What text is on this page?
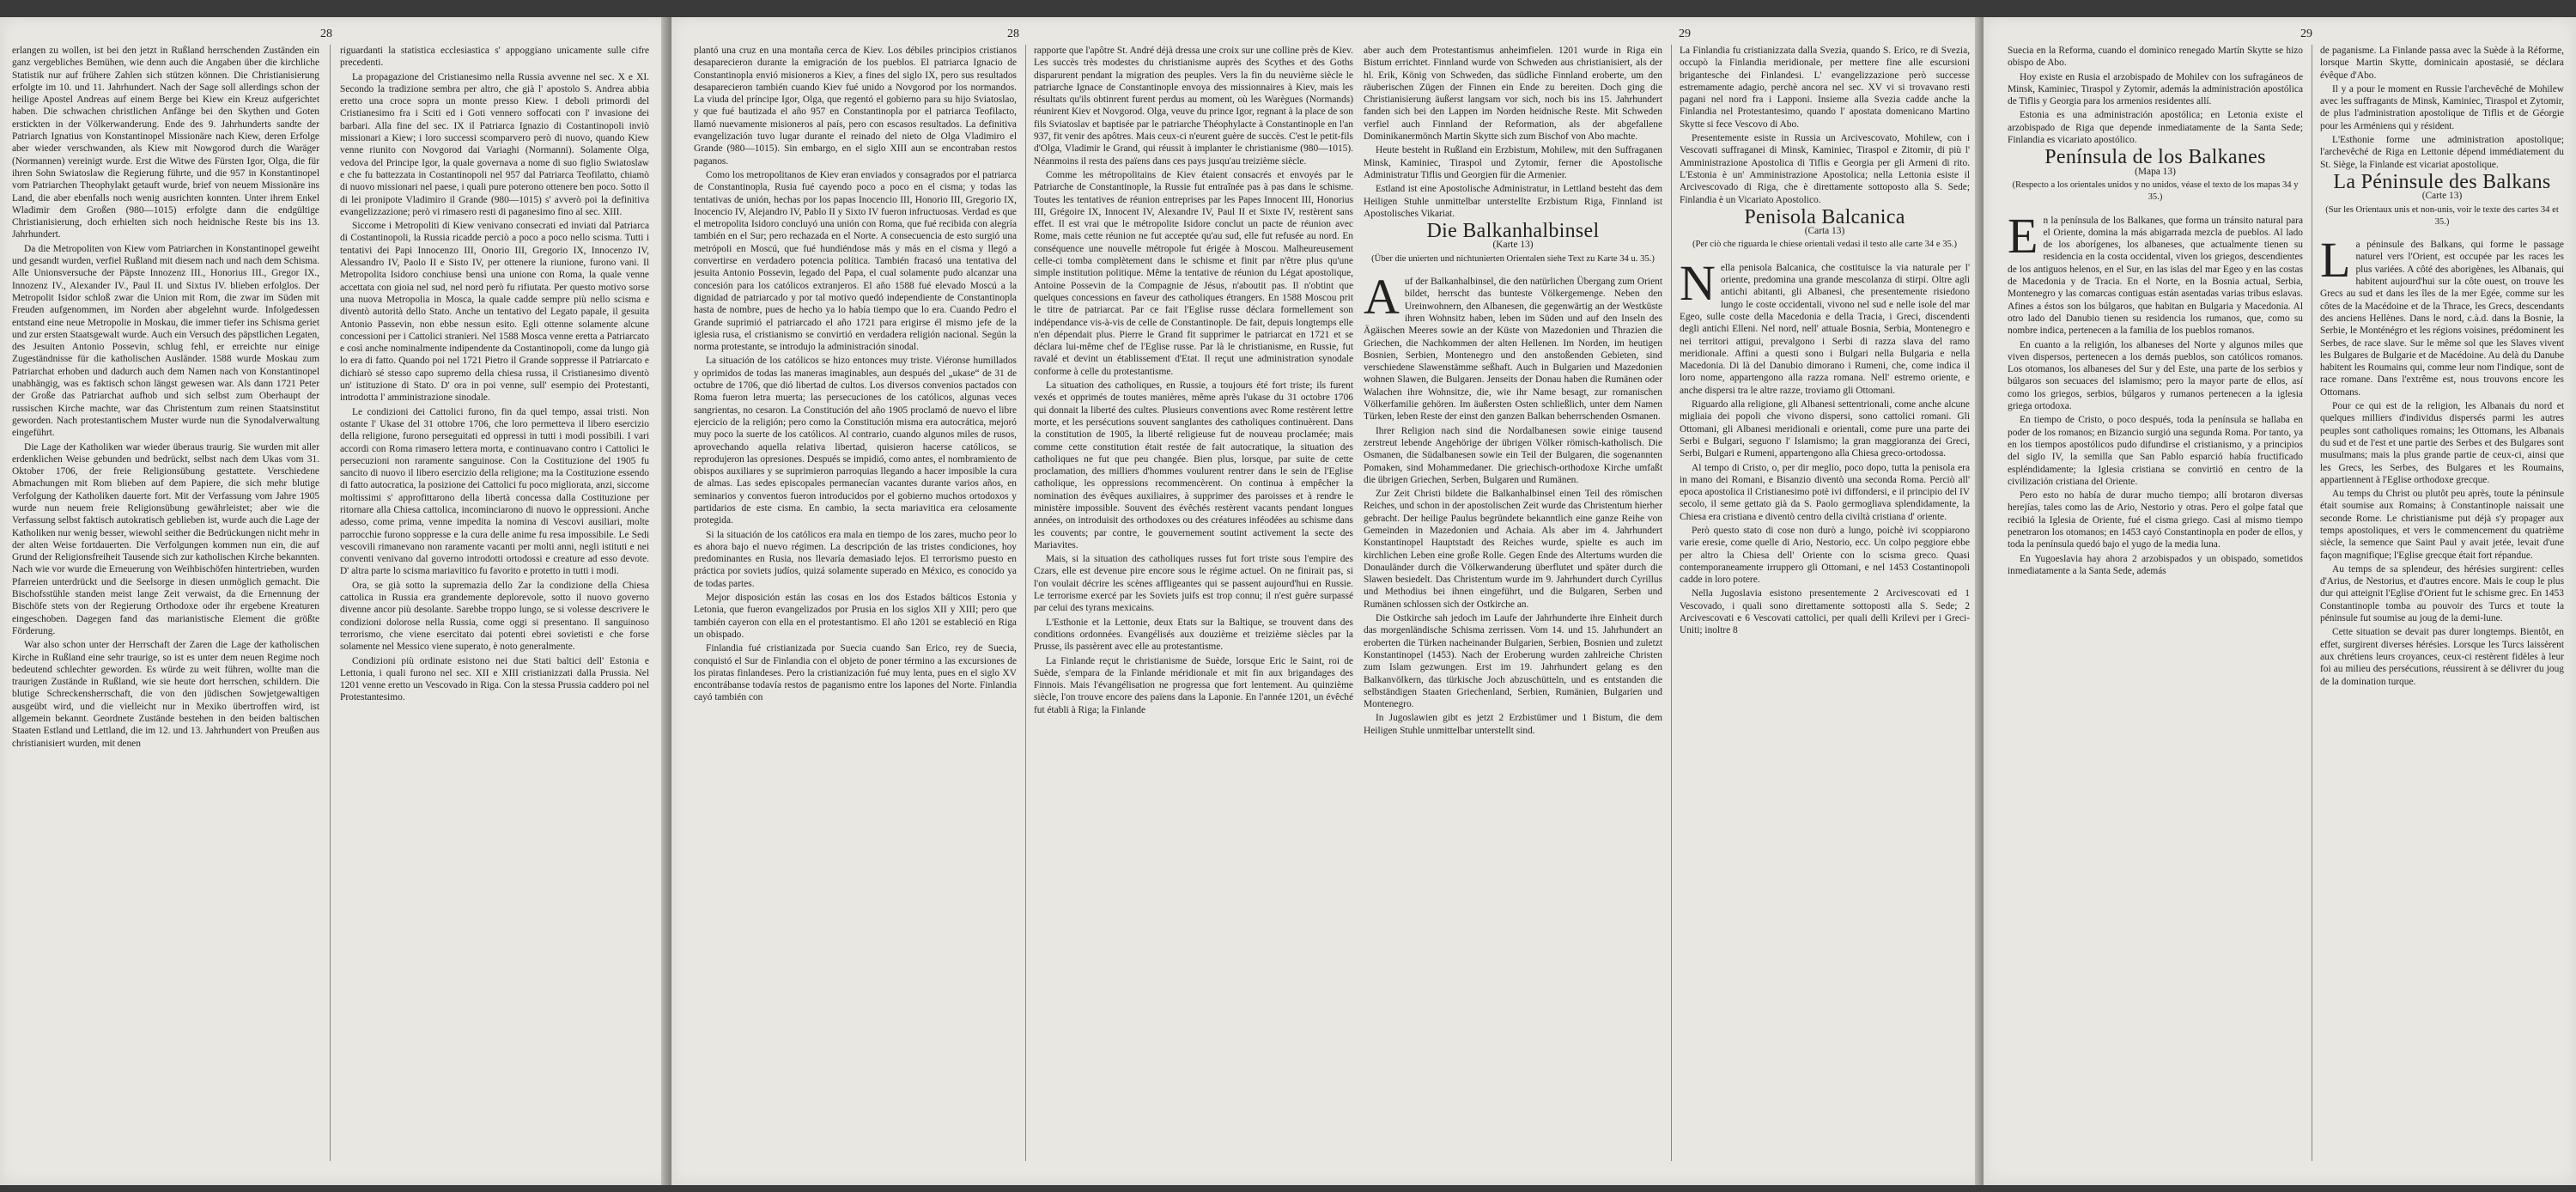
28	28	29	29

erlangen zu wollen, ist bei den jetzt in Rußland herrschenden Zuständen ein ganz vergebliches Bemühen, wie denn auch die Angaben über die kirchliche Statistik nur auf frühere Zahlen sich stützen können. Die Christianisierung erfolgte im 10. und 11. Jahrhundert. Nach der Sage soll allerdings schon der heilige Apostel Andreas auf einem Berge bei Kiew ein Kreuz aufgerichtet haben. Die schwachen christlichen Anfänge bei den Skythen und Goten erstickten in der Völkerwanderung. Ende des 9. Jahrhunderts sandte der Patriarch Ignatius von Konstantinopel Missionäre nach Kiew, deren Erfolge aber wieder verschwanden, als Kiew mit Nowgorod durch die Waräger (Normannen) vereinigt wurde. Erst die Witwe des Fürsten Igor, Olga, die für ihren Sohn Swiatoslaw die Regierung führte, und die 957 in Konstantinopel vom Patriarchen Theophylakt getauft wurde, brief von neuem Missionäre ins Land, die aber ebenfalls noch wenig ausrichten konnten. Unter ihrem Enkel Wladimir dem Großen (980—1015) erfolgte dann die endgültige Christianisierung, doch erhielten sich noch heidnische Reste bis ins 13. Jahrhundert.

Da die Metropoliten von Kiew vom Patriarchen in Konstantinopel geweiht und gesandt wurden, verfiel Rußland mit diesem nach und nach dem Schisma. Alle Unionsversuche der Päpste Innozenz III., Honorius III., Gregor IX., Innozenz IV., Alexander IV., Paul II. und Sixtus IV. blieben erfolglos. Der Metropolit Isidor schloß zwar die Union mit Rom, die zwar im Süden mit Freuden aufgenommen, im Norden aber abgelehnt wurde. Infolgedessen entstand eine neue Metropolie in Moskau, die immer tiefer ins Schisma geriet und zur ersten Staatsgewalt wurde. Auch ein Versuch des päpstlichen Legaten, des Jesuiten Antonio Possevin, schlug fehl, er erreichte nur einige Zugeständnisse für die katholischen Ausländer. 1588 wurde Moskau zum Patriarchat erhoben und dadurch auch dem Namen nach von Konstantinopel unabhängig, was es faktisch schon längst gewesen war. Als dann 1721 Peter der Große das Patriarchat aufhob und sich selbst zum Oberhaupt der russischen Kirche machte, war das Christentum zum reinen Staatsinstitut geworden. Nach protestantischem Muster wurde nun die Synodalverwaltung eingeführt.

Die Lage der Katholiken war wieder überaus traurig. Sie wurden mit aller erdenklichen Weise gebunden und bedrückt, selbst nach dem Ukas vom 31. Oktober 1706, der freie Religionsübung gestattete. Verschiedene Abmachungen mit Rom blieben auf dem Papiere, die sich mehr blutige Verfolgung der Katholiken dauerte fort. Mit der Verfassung vom Jahre 1905 wurde nun neuem freie Religionsübung gewährleistet; aber wie die Verfassung selbst faktisch autokratisch geblieben ist, wurde auch die Lage der Katholiken nur wenig besser, wiewohl seither die Bedrückungen nicht mehr in der alten Weise fortdauerten. Die Verfolgungen kommen nun ein, die auf Grund der Religionsfreiheit Tausende sich zur katholischen Kirche bekannten. Nach wie vor wurde die Erneuerung von Weihbischöfen hintertrieben, wurden Pfarreien unterdrückt und die Seelsorge in diesen unmöglich gemacht. Die Bischofsstühle standen meist lange Zeit verwaist, da die Ernennung der Bischöfe stets von der Regierung Orthodoxe oder ihr ergebene Kreaturen eingeschoben. Dagegen fand das marianistische Element die größte Förderung.

War also schon unter der Herrschaft der Zaren die Lage der katholischen Kirche in Rußland eine sehr traurige, so ist es unter dem neuen Regime noch bedeutend schlechter geworden. Es würde zu weit führen, wollte man die traurigen Zustände in Rußland, wie sie heute dort herrschen, schildern. Die blutige Schreckensherrschaft, die von den jüdischen Sowjetgewaltigen ausgeübt wird, und die vielleicht nur in Mexiko übertroffen wird, ist allgemein bekannt. Geordnete Zustände bestehen in den beiden baltischen Staaten Estland und Lettland, die im 12. und 13. Jahrhundert von Preußen aus christianisiert wurden, mit denen

riguardanti la statistica ecclesiastica s' appoggiano unicamente sulle cifre precedenti.

La propagazione del Cristianesimo nella Russia avvenne nel sec. X e XI. Secondo la tradizione sembra per altro, che già l' apostolo S. Andrea abbia eretto una croce sopra un monte presso Kiew. I deboli primordi del Cristianesimo fra i Sciti ed i Goti vennero soffocati con l' invasione dei barbari. Alla fine del sec. IX il Patriarca Ignazio di Costantinopoli inviò missionari a Kiew; i loro successi scomparvero però di nuovo, quando Kiew venne riunito con Novgorod dai Variaghi (Normanni). Solamente Olga, vedova del Principe Igor, la quale governava a nome di suo figlio Swiatoslaw e che fu battezzata in Costantinopoli nel 957 dal Patriarca Teofilatto, chiamò di nuovo missionari nel paese, i quali pure poterono ottenere ben poco. Sotto il di lei pronipote Vladimiro il Grande (980—1015) s' avverò poi la definitiva evangelizzazione; però vi rimasero resti di paganesimo fino al sec. XIII.

Siccome i Metropoliti di Kiew venivano consecrati ed inviati dal Patriarca di Costantinopoli, la Russia ricadde perciò a poco a poco nello scisma. Tutti i tentativi dei Papi Innocenzo III, Onorio III, Gregorio IX, Innocenzo IV, Alessandro IV, Paolo II e Sisto IV, per ottenere la riunione, furono vani. Il Metropolita Isidoro conchiuse bensì una unione con Roma, la quale venne accettata con gioia nel sud, nel nord però fu rifiutata. Per questo motivo sorse una nuova Metropolia in Mosca, la quale cadde sempre più nello scisma e diventò autorità dello Stato. Anche un tentativo del Legato papale, il gesuita Antonio Passevin, non ebbe nessun esito. Egli ottenne solamente alcune concessioni per i Cattolici stranieri. Nel 1588 Mosca venne eretta a Patriarcato e così anche nominalmente indipendente da Costantinopoli, come da lungo già lo era di fatto. Quando poi nel 1721 Pietro il Grande soppresse il Patriarcato e dichiarò sé stesso capo supremo della chiesa russa, il Cristianesimo diventò un' istituzione di Stato. D' ora in poi venne, sull' esempio dei Protestanti, introdotta l' amministrazione sinodale.

Le condizioni dei Cattolici furono, fin da quel tempo, assai tristi. Non ostante l' Ukase del 31 ottobre 1706, che loro permetteva il libero esercizio della religione, furono perseguitati ed oppressi in tutti i modi possibili. I vari accordi con Roma rimasero lettera morta, e continuavano contro i Cattolici le persecuzioni non raramente sanguinose. Con la Costituzione del 1905 fu sancito di nuovo il libero esercizio della religione; ma la Costituzione essendo di fatto autocratica, la posizione dei Cattolici fu poco migliorata, anzi, siccome moltissimi s' approfittarono della libertà concessa dalla Costituzione per ritornare alla Chiesa cattolica, incominciarono di nuovo le oppressioni. Anche adesso, come prima, venne impedita la nomina di Vescovi ausiliari, molte parrocchie furono soppresse e la cura delle anime fu resa impossibile. Le Sedi vescovili rimanevano non raramente vacanti per molti anni, negli istituti e nei conventi venivano dal governo introdotti ortodossi e creature ad esso devote. D' altra parte lo scisma mariavitico fu favorito e protetto in tutti i modi.

Ora, se già sotto la supremazia dello Zar la condizione della Chiesa cattolica in Russia era grandemente deplorevole, sotto il nuovo governo divenne ancor più desolante. Sarebbe troppo lungo, se si volesse descrivere le condizioni dolorose nella Russia, come oggi si presentano. Il sanguinoso terrorismo, che viene esercitato dai potenti ebrei sovietisti e che forse solamente nel Messico viene superato, è noto generalmente.

Condizioni più ordinate esistono nei due Stati baltici dell' Estonia e Lettonia, i quali furono nel sec. XII e XIII cristianizzati dalla Prussia. Nel 1201 venne eretto un Vescovado in Riga. Con la stessa Prussia caddero poi nel Protestantesimo.

plantó una cruz en una montaña cerca de Kiev. Los débiles principios cristianos desaparecieron durante la emigración de los pueblos. El patriarca Ignacio de Constantinopla envió misioneros a Kiev, a fines del siglo IX, pero sus resultados desaparecieron también cuando Kiev fué unido a Novgorod por los normandos. La viuda del príncipe Igor, Olga, que regentó el gobierno para su hijo Sviatoslao, y que fué bautizada el año 957 en Constantinopla por el patriarca Teofilacto, llamó nuevamente misioneros al país, pero con escasos resultados. La definitiva evangelización tuvo lugar durante el reinado del nieto de Olga Vladimiro el Grande (980—1015). Sin embargo, en el siglo XIII aun se encontraban restos paganos.

Como los metropolitanos de Kiev eran enviados y consagrados por el patriarca de Constantinopla, Rusia fué cayendo poco a poco en el cisma; y todas las tentativas de unión, hechas por los papas Inocencio III, Honorio III, Gregorio IX, Inocencio IV, Alejandro IV, Pablo II y Sixto IV fueron infructuosas. Verdad es que el metropolita Isidoro concluyó una unión con Roma, que fué recibida con alegría también en el Sur; pero rechazada en el Norte. A consecuencia de esto surgió una metrópoli en Moscú, que fué hundiéndose más y más en el cisma y llegó a convertirse en verdadero potencia política. También fracasó una tentativa del jesuita Antonio Possevin, legado del Papa, el cual solamente pudo alcanzar una concesión para los católicos extranjeros. El año 1588 fué elevado Moscú a la dignidad de patriarcado y por tal motivo quedó independiente de Constantinopla hasta de nombre, pues de hecho ya lo había tiempo que lo era. Cuando Pedro el Grande suprimió el patriarcado el año 1721 para erigirse él mismo jefe de la iglesia rusa, el cristianismo se convirtió en verdadera religión nacional. Según la norma protestante, se introdujo la administración sinodal.

La situación de los católicos se hizo entonces muy triste. Viéronse humillados y oprimidos de todas las maneras imaginables, aun después del „ukase“ de 31 de octubre de 1706, que dió libertad de cultos. Los diversos convenios pactados con Roma fueron letra muerta; las persecuciones de los católicos, algunas veces sangrientas, no cesaron. La Constitución del año 1905 proclamó de nuevo el libre ejercicio de la religión; pero como la Constitución misma era autocrática, mejoró muy poco la suerte de los católicos. Al contrario, cuando algunos miles de rusos, aprovechando aquella relativa libertad, quisieron hacerse católicos, se reprodujeron las opresiones. Después se impidió, como antes, el nombramiento de obispos auxiliares y se suprimieron parroquias llegando a hacer imposible la cura de almas. Las sedes episcopales permanecían vacantes durante varios años, en seminarios y conventos fueron introducidos por el gobierno muchos ortodoxos y partidarios de este cisma. En cambio, la secta mariavitica era celosamente protegida.

Si la situación de los católicos era mala en tiempo de los zares, mucho peor lo es ahora bajo el nuevo régimen. La descripción de las tristes condiciones, hoy predominantes en Rusia, nos llevaría demasiado lejos. El terrorismo puesto en práctica por soviets judíos, quizá solamente superado en México, es conocido ya de todas partes.

Mejor disposición están las cosas en los dos Estados bálticos Estonia y Letonia, que fueron evangelizados por Prusia en los siglos XII y XIII; pero que también cayeron con ella en el protestantismo. El año 1201 se estableció en Riga un obispado.

Finlandia fué cristianizada por Suecia cuando San Erico, rey de Suecia, conquistó el Sur de Finlandia con el objeto de poner término a las excursiones de los piratas finlandeses. Pero la cristianización fué muy lenta, pues en el siglo XV encontrábanse todavía restos de paganismo entre los lapones del Norte. Finlandia cayó también con

rapporte que l'apôtre St. André déjà dressa une croix sur une colline près de Kiev. Les succès très modestes du christianisme auprès des Scythes et des Goths disparurent pendant la migration des peuples. Vers la fin du neuvième siècle le patriarche Ignace de Constantinople envoya des missionnaires à Kiev, mais les résultats qu'ils obtinrent furent perdus au moment, où les Warègues (Normands) réunirent Kiev et Novgorod. Olga, veuve du prince Igor, regnant à la place de son fils Sviatoslav et baptisée par le patriarche Théophylacte à Constantinople en l'an 937, fit venir des apôtres. Mais ceux-ci n'eurent guère de succès. C'est le petit-fils d'Olga, Vladimir le Grand, qui réussit à implanter le christianisme (980—1015). Néanmoins il resta des païens dans ces pays jusqu'au treizième siècle.

Comme les métropolitains de Kiev étaient consacrés et envoyés par le Patriarche de Constantinople, la Russie fut entraînée pas à pas dans le schisme. Toutes les tentatives de réunion entreprises par les Papes Innocent III, Honorius III, Grégoire IX, Innocent IV, Alexandre IV, Paul II et Sixte IV, restèrent sans effet. Il est vrai que le métropolite Isidore conclut un pacte de réunion avec Rome, mais cette réunion ne fut acceptée qu'au sud, elle fut refusée au nord. En conséquence une nouvelle métropole fut érigée à Moscou. Malheureusement celle-ci tomba complètement dans le schisme et finit par n'être plus qu'une simple institution politique. Même la tentative de réunion du Légat apostolique, Antoine Possevin de la Compagnie de Jésus, n'aboutit pas. Il n'obtint que quelques concessions en faveur des catholiques étrangers. En 1588 Moscou prit le titre de patriarcat. Par ce fait l'Eglise russe déclara formellement son indépendance vis-à-vis de celle de Constantinople. De fait, depuis longtemps elle n'en dépendait plus. Pierre le Grand fit supprimer le patriarcat en 1721 et se déclara lui-même chef de l'Eglise russe. Par là le christianisme, en Russie, fut ravalé et devint un établissement d'Etat. Il reçut une administration synodale conforme à celle du protestantisme.

La situation des catholiques, en Russie, a toujours été fort triste; ils furent vexés et opprimés de toutes manières, même après l'ukase du 31 octobre 1706 qui donnait la liberté des cultes. Plusieurs conventions avec Rome restèrent lettre morte, et les persécutions souvent sanglantes des catholiques continuèrent. Dans la constitution de 1905, la liberté religieuse fut de nouveau proclamée; mais comme cette constitution était restée de fait autocratique, la situation des catholiques ne fut que peu changée. Bien plus, lorsque, par suite de cette proclamation, des milliers d'hommes voulurent rentrer dans le sein de l'Eglise catholique, les oppressions recommencèrent. On continua à empêcher la nomination des évêques auxiliaires, à supprimer des paroisses et à rendre le ministère impossible. Souvent des évêchés restèrent vacants pendant longues années, on introduisit des orthodoxes ou des créatures inféodées au schisme dans les couvents; par contre, le gouvernement soutint activement la secte des Mariavites.

Mais, si la situation des catholiques russes fut fort triste sous l'empire des Czars, elle est devenue pire encore sous le régime actuel. On ne finirait pas, si l'on voulait décrire les scènes affligeantes qui se passent aujourd'hui en Russie. Le terrorisme exercé par les Soviets juifs est trop connu; il n'est guère surpassé par celui des tyrans mexicains.

L'Esthonie et la Lettonie, deux Etats sur la Baltique, se trouvent dans des conditions ordonnées. Evangélisés aux douzième et treizième siècles par la Prusse, ils passèrent avec elle au protestantisme.

La Finlande reçut le christianisme de Suède, lorsque Eric le Saint, roi de Suède, s'empara de la Finlande méridionale et mit fin aux brigandages des Finnois. Mais l'évangélisation ne progressa que fort lentement. Au quinzième siècle, l'on trouve encore des païens dans la Laponie. En l'année 1201, un évêché fut établi à Riga; la Finlande

aber auch dem Protestantismus anheimfielen. 1201 wurde in Riga ein Bistum errichtet. Finnland wurde von Schweden aus christianisiert, als der hl. Erik, König von Schweden, das südliche Finnland eroberte, um den räuberischen Zügen der Finnen ein Ende zu bereiten. Doch ging die Christianisierung äußerst langsam vor sich, noch bis ins 15. Jahrhundert fanden sich bei den Lappen im Norden heidnische Reste. Mit Schweden verfiel auch Finnland der Reformation, als der abgefallene Dominikanermönch Martin Skytte sich zum Bischof von Abo machte.

Heute besteht in Rußland ein Erzbistum, Mohilew, mit den Suffraganen Minsk, Kaminiec, Tiraspol und Zytomir, ferner die Apostolische Administratur Tiflis und Georgien für die Armenier.

Estland ist eine Apostolische Administratur, in Lettland besteht das dem Heiligen Stuhle unmittelbar unterstellte Erzbistum Riga, Finnland ist Apostolisches Vikariat.

Die Balkanhalbinsel
(Karte 13)
(Über die unierten und nichtunierten Orientalen siehe Text zu Karte 34 u. 35.)

Auf der Balkanhalbinsel, die den natürlichen Übergang zum Orient bildet, herrscht das bunteste Völkergemenge. Neben den Ureinwohnern, den Albanesen, die gegenwärtig an der Westküste ihren Wohnsitz haben, leben im Süden und auf den Inseln des Ägäischen Meeres sowie an der Küste von Mazedonien und Thrazien die Griechen, die Nachkommen der alten Hellenen. Im Norden, im heutigen Bosnien, Serbien, Montenegro und den anstoßenden Gebieten, sind verschiedene Slawenstämme seßhaft. Auch in Bulgarien und Mazedonien wohnen Slawen, die Bulgaren. Jenseits der Donau haben die Rumänen oder Walachen ihre Wohnsitze, die, wie ihr Name besagt, zur romanischen Völkerfamilie gehören. Im äußersten Osten schließlich, unter dem Namen Türken, leben Reste der einst den ganzen Balkan beherrschenden Osmanen.

Ihrer Religion nach sind die Nordalbanesen sowie einige tausend zerstreut lebende Angehörige der übrigen Völker römisch-katholisch. Die Osmanen, die Südalbanesen sowie ein Teil der Bulgaren, die sogenannten Pomaken, sind Mohammedaner. Die griechisch-orthodoxe Kirche umfaßt die übrigen Griechen, Serben, Bulgaren und Rumänen.

Zur Zeit Christi bildete die Balkanhalbinsel einen Teil des römischen Reiches, und schon in der apostolischen Zeit wurde das Christentum hierher gebracht. Der heilige Paulus begründete bekanntlich eine ganze Reihe von Gemeinden in Mazedonien und Achaia. Als aber im 4. Jahrhundert Konstantinopel Hauptstadt des Reiches wurde, spielte es auch im kirchlichen Leben eine große Rolle. Gegen Ende des Altertums wurden die Donauländer durch die Völkerwanderung überflutet und später durch die Slawen besiedelt. Das Christentum wurde im 9. Jahrhundert durch Cyrillus und Methodius bei ihnen eingeführt, und die Bulgaren, Serben und Rumänen schlossen sich der Ostkirche an.

Die Ostkirche sah jedoch im Laufe der Jahrhunderte ihre Einheit durch das morgenländische Schisma zerrissen. Vom 14. und 15. Jahrhundert an eroberten die Türken nacheinander Bulgarien, Serbien, Bosnien und zuletzt Konstantinopel (1453). Nach der Eroberung wurden zahlreiche Christen zum Islam gezwungen. Erst im 19. Jahrhundert gelang es den Balkanvölkern, das türkische Joch abzuschütteln, und es entstanden die selbständigen Staaten Griechenland, Serbien, Rumänien, Bulgarien und Montenegro.

In Jugoslawien gibt es jetzt 2 Erzbistümer und 1 Bistum, die dem Heiligen Stuhle unmittelbar unterstellt sind.

La Finlandia fu cristianizzata dalla Svezia, quando S. Erico, re di Svezia, occupò la Finlandia meridionale, per mettere fine alle escursioni brigantesche dei Finlandesi. L' evangelizzazione però successe estremamente adagio, perchè ancora nel sec. XV vi si trovavano resti pagani nel nord fra i Lapponi. Insieme alla Svezia cadde anche la Finlandia nel Protestantesimo, quando l' apostata domenicano Martino Skytte si fece Vescovo di Abo.

Presentemente esiste in Russia un Arcivescovato, Mohilew, con i Vescovati suffraganei di Minsk, Kaminiec, Tiraspol e Zitomir, di più l' Amministrazione Apostolica di Tiflis e Georgia per gli Armeni di rito. L'Estonia è un' Amministrazione Apostolica; nella Lettonia esiste il Arcivescovado di Riga, che è direttamente sottoposto alla S. Sede; Finlandia è un Vicariato Apostolico.

Penisola Balcanica
(Carta 13)
(Per ciò che riguarda le chiese orientali vedasi il testo alle carte 34 e 35.)

Nella penisola Balcanica, che costituisce la via naturale per l' oriente, predomina una grande mescolanza di stirpi. Oltre agli antichi abitanti, gli Albanesi, che presentemente risiedono lungo le coste occidentali, vivono nel sud e nelle isole del mar Egeo, sulle coste della Macedonia e della Tracia, i Greci, discendenti degli antichi Elleni. Nel nord, nell' attuale Bosnia, Serbia, Montenegro e nei territori attigui, prevalgono i Serbi di razza slava del ramo meridionale. Affini a questi sono i Bulgari nella Bulgaria e nella Macedonia. Di là del Danubio dimorano i Rumeni, che, come indica il loro nome, appartengono alla razza romana. Nell' estremo oriente, e anche dispersi tra le altre razze, troviamo gli Ottomani.

Riguardo alla religione, gli Albanesi settentrionali, come anche alcune migliaia dei popoli che vivono dispersi, sono cattolici romani. Gli Ottomani, gli Albanesi meridionali e orientali, come pure una parte dei Serbi e Bulgari, seguono l' Islamismo; la gran maggioranza dei Greci, Serbi, Bulgari e Rumeni, appartengono alla Chiesa greco-ortodossa.

Al tempo di Cristo, o, per dir meglio, poco dopo, tutta la penisola era in mano dei Romani, e Bisanzio diventò una seconda Roma. Perciò all' epoca apostolica il Cristianesimo potè ivi diffondersi, e il principio del IV secolo, il seme gettato già da S. Paolo germogliava splendidamente, la Chiesa era cristiana e diventò centro della civiltà cristiana d' oriente.

Però questo stato di cose non durò a lungo, poichè ivi scoppiarono varie eresie, come quelle di Ario, Nestorio, ecc. Un colpo peggiore ebbe per altro la Chiesa dell' Oriente con lo scisma greco. Quasi contemporaneamente irruppero gli Ottomani, e nel 1453 Costantinopoli cadde in loro potere.

Nella Jugoslavia esistono presentemente 2 Arcivescovati ed 1 Vescovado, i quali sono direttamente sottoposti alla S. Sede; 2 Arcivescovati e 6 Vescovati cattolici, per quali delli Krilevi per i Greci-Uniti; inoltre 8

Suecia en la Reforma, cuando el dominico renegado Martín Skytte se hizo obispo de Abo.

Hoy existe en Rusia el arzobispado de Mohilev con los sufragáneos de Minsk, Kaminiec, Tiraspol y Zytomir, además la administración apostólica de Tiflis y Georgia para los armenios residentes allí.

Estonia es una administración apostólica; en Letonia existe el arzobispado de Riga que depende inmediatamente de la Santa Sede; Finlandia es vicariato apostólico.

Península de los Balkanes
(Mapa 13)
(Respecto a los orientales unidos y no unidos, véase el texto de los mapas 34 y 35.)

En la península de los Balkanes, que forma un tránsito natural para el Oriente, domina la más abigarrada mezcla de pueblos. Al lado de los aborígenes, los albaneses, que actualmente tienen su residencia en la costa occidental, viven los griegos, descendientes de los antiguos helenos, en el Sur, en las islas del mar Egeo y en las costas de Macedonia y de Tracia. En el Norte, en la Bosnia actual, Serbia, Montenegro y las comarcas contiguas están asentadas varias tribus eslavas. Afines a éstos son los búlgaros, que habitan en Bulgaria y Macedonia. Al otro lado del Danubio tienen su residencia los rumanos, que, como su nombre indica, pertenecen a la familia de los pueblos romanos.

En cuanto a la religión, los albaneses del Norte y algunos miles que viven dispersos, pertenecen a los demás pueblos, son católicos romanos. Los otomanos, los albaneses del Sur y del Este, una parte de los serbios y búlgaros son secuaces del islamismo; pero la mayor parte de ellos, así como los griegos, serbios, búlgaros y rumanos pertenecen a la iglesia griega ortodoxa.

En tiempo de Cristo, o poco después, toda la península se hallaba en poder de los romanos; en Bizancio surgió una segunda Roma. Por tanto, ya en los tiempos apostólicos pudo difundirse el cristianismo, y a principios del siglo IV, la semilla que San Pablo esparció había fructificado espléndidamente; la Iglesia cristiana se convirtió en centro de la civilización cristiana del Oriente.

Pero esto no había de durar mucho tiempo; allí brotaron diversas herejías, tales como las de Ario, Nestorio y otras. Pero el golpe fatal que recibió la Iglesia de Oriente, fué el cisma griego. Casi al mismo tiempo penetraron los otomanos; en 1453 cayó Constantinopla en poder de ellos, y toda la península quedó bajo el yugo de la media luna.

En Yugoeslavia hay ahora 2 arzobispados y un obispado, sometidos inmediatamente a la Santa Sede, además

de paganisme. La Finlande passa avec la Suède à la Réforme, lorsque Martin Skytte, dominicain apostasié, se déclara évêque d'Abo.

Il y a pour le moment en Russie l'archevêché de Mohilew avec les suffragants de Minsk, Kaminiec, Tiraspol et Zytomir, de plus l'administration apostolique de Tiflis et de Géorgie pour les Arméniens qui y résident.

L'Esthonie forme une administration apostolique; l'archevêché de Riga en Lettonie dépend immédiatement du St. Siège, la Finlande est vicariat apostolique.

La Péninsule des Balkans
(Carte 13)
(Sur les Orientaux unis et non-unis, voir le texte des cartes 34 et 35.)

La péninsule des Balkans, qui forme le passage naturel vers l'Orient, est occupée par les races les plus variées. A côté des aborigènes, les Albanais, qui habitent aujourd'hui sur la côte ouest, on trouve les Grecs au sud et dans les îles de la mer Egée, comme sur les côtes de la Macédoine et de la Thrace, les Grecs, descendants des anciens Hellènes. Dans le nord, c.à.d. dans la Bosnie, la Serbie, le Monténégro et les régions voisines, prédominent les Serbes, de race slave. Sur le même sol que les Slaves vivent les Bulgares de Bulgarie et de Macédoine. Au delà du Danube habitent les Roumains qui, comme leur nom l'indique, sont de race romane. Dans l'extrême est, nous trouvons encore les Ottomans.

Pour ce qui est de la religion, les Albanais du nord et quelques milliers d'individus dispersés parmi les autres peuples sont catholiques romains; les Ottomans, les Albanais du sud et de l'est et une partie des Serbes et des Bulgares sont musulmans; mais la plus grande partie de ceux-ci, ainsi que les Grecs, les Serbes, des Bulgares et les Roumains, appartiennent à l'Eglise orthodoxe grecque.

Au temps du Christ ou plutôt peu après, toute la péninsule était soumise aux Romains; à Constantinople naissait une seconde Rome. Le christianisme put déjà s'y propager aux temps apostoliques, et vers le commencement du quatrième siècle, la semence que Saint Paul y avait jetée, levait d'une façon magnifique; l'Eglise grecque était fort répandue.

Au temps de sa splendeur, des hérésies surgirent: celles d'Arius, de Nestorius, et d'autres encore. Mais le coup le plus dur qui atteignit l'Eglise d'Orient fut le schisme grec. En 1453 Constantinople tomba au pouvoir des Turcs et toute la péninsule fut soumise au joug de la demi-lune.

Cette situation se devait pas durer longtemps. Bientôt, en effet, surgirent diverses hérésies. Lorsque les Turcs laissèrent aux chrétiens leurs croyances, ceux-ci restèrent fidèles à leur foi au milieu des persécutions, réussirent à se délivrer du joug de la domination turque.
